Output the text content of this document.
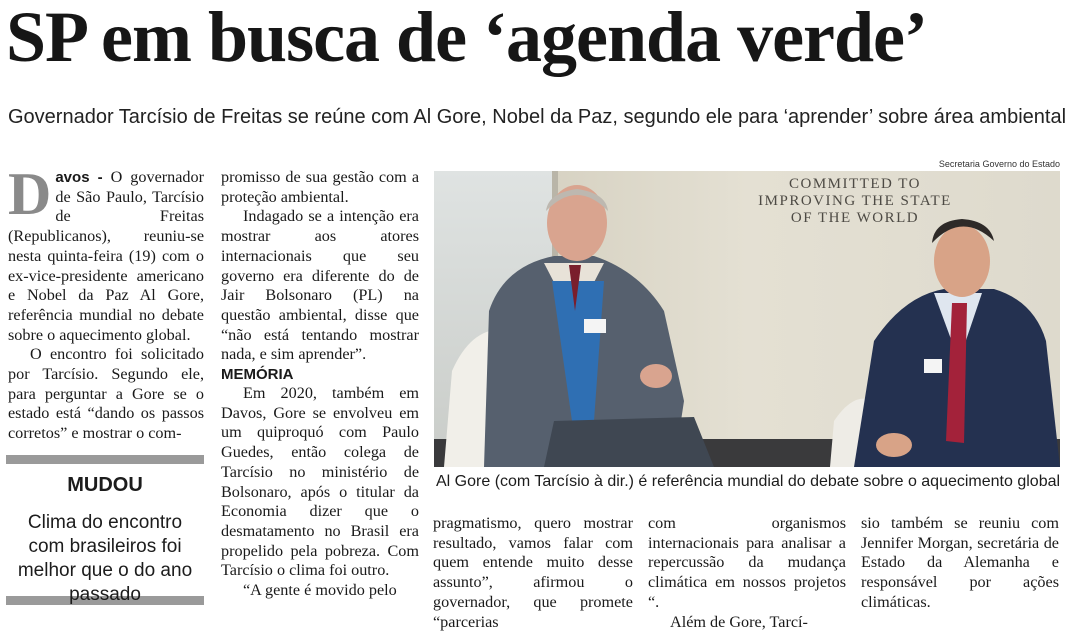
SP em busca de ‘agenda verde’
Governador Tarcísio de Freitas se reúne com Al Gore, Nobel da Paz, segundo ele para ‘aprender’ sobre área ambiental

Davos - O governador de São Paulo, Tarcísio de Freitas (Republicanos), reuniu-se nesta quinta-feira (19) com o ex-vice-presidente americano e Nobel da Paz Al Gore, referência mundial no debate sobre o aquecimento global.

O encontro foi solicitado por Tarcísio. Segundo ele, para perguntar a Gore se o estado está “dando os passos corretos” e mostrar o com-

MUDOU
Clima do encontro com brasileiros foi melhor que o do ano passado

promisso de sua gestão com a proteção ambiental.

Indagado se a intenção era mostrar aos atores internacionais que seu governo era diferente do de Jair Bolsonaro (PL) na questão ambiental, disse que “não está tentando mostrar nada, e sim aprender”.

MEMÓRIA

Em 2020, também em Davos, Gore se envolveu em um quiproquó com Paulo Guedes, então colega de Tarcísio no ministério de Bolsonaro, após o titular da Economia dizer que o desmatamento no Brasil era propelido pela pobreza. Com Tarcísio o clima foi outro.

“A gente é movido pelo

Secretaria Governo do Estado
COMMITTED TO
IMPROVING THE STATE
OF THE WORLD
Al Gore (com Tarcísio à dir.) é referência mundial do debate sobre o aquecimento global

pragmatismo, quero mostrar resultado, vamos falar com quem entende muito desse assunto”, afirmou o governador, que promete “parcerias

com organismos internacionais para analisar a repercussão da mudança climática em nossos projetos “.

Além de Gore, Tarcí-

sio também se reuniu com Jennifer Morgan, secretária de Estado da Alemanha e responsável por ações climáticas.
